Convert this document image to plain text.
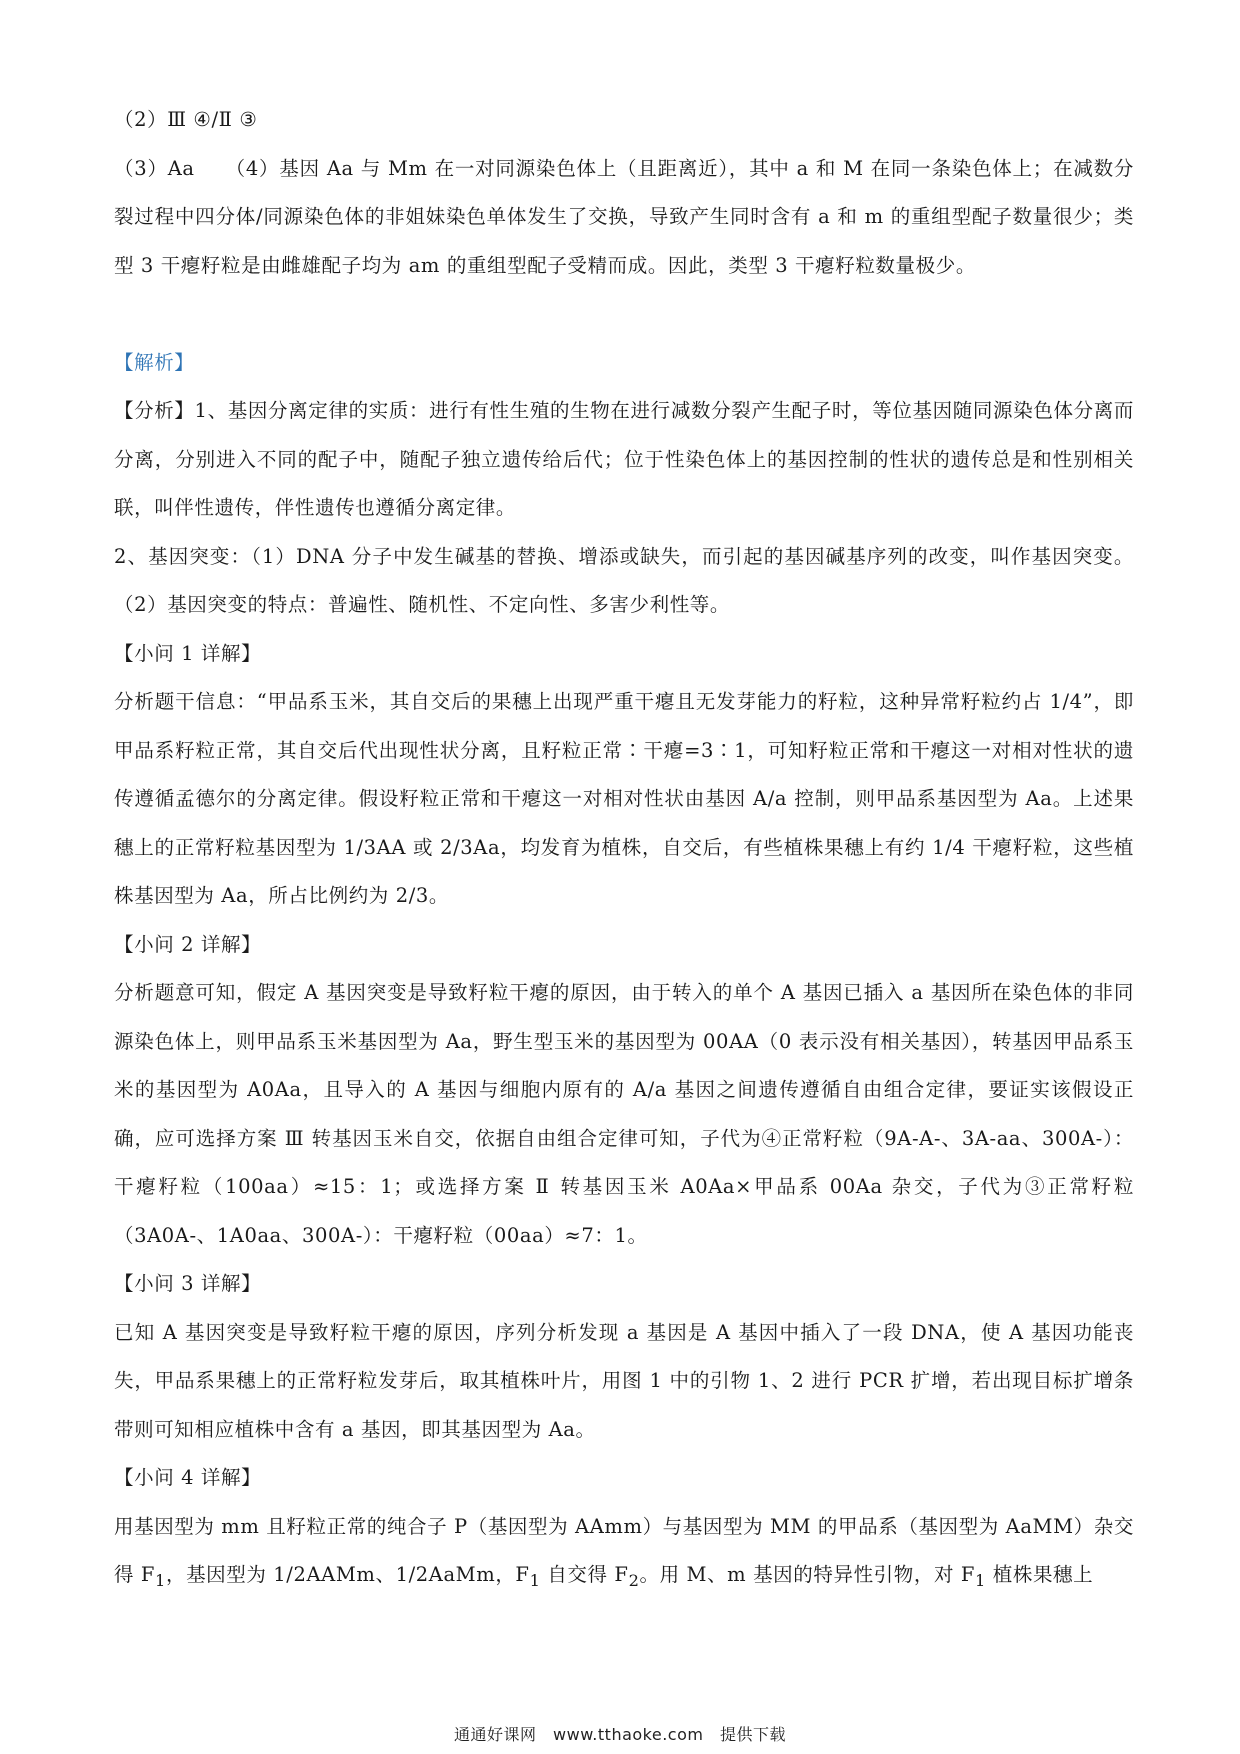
（2）Ⅲ ④/Ⅱ ③

（3）Aa　　（4）基因 Aa 与 Mm 在一对同源染色体上（且距离近），其中 a 和 M 在同一条染色体上；在减数分裂过程中四分体/同源染色体的非姐妹染色单体发生了交换，导致产生同时含有 a 和 m 的重组型配子数量很少；类型 3 干瘪籽粒是由雌雄配子均为 am 的重组型配子受精而成。因此，类型 3 干瘪籽粒数量极少。

【解析】

【分析】1、基因分离定律的实质：进行有性生殖的生物在进行减数分裂产生配子时，等位基因随同源染色体分离而分离，分别进入不同的配子中，随配子独立遗传给后代；位于性染色体上的基因控制的性状的遗传总是和性别相关联，叫伴性遗传，伴性遗传也遵循分离定律。

2、基因突变：（1）DNA 分子中发生碱基的替换、增添或缺失，而引起的基因碱基序列的改变，叫作基因突变。（2）基因突变的特点：普遍性、随机性、不定向性、多害少利性等。

【小问 1 详解】

分析题干信息：“甲品系玉米，其自交后的果穗上出现严重干瘪且无发芽能力的籽粒，这种异常籽粒约占 1/4”，即甲品系籽粒正常，其自交后代出现性状分离，且籽粒正常∶干瘪=3∶1，可知籽粒正常和干瘪这一对相对性状的遗传遵循孟德尔的分离定律。假设籽粒正常和干瘪这一对相对性状由基因 A/a 控制，则甲品系基因型为 Aa。上述果穗上的正常籽粒基因型为 1/3AA 或 2/3Aa，均发育为植株，自交后，有些植株果穗上有约 1/4 干瘪籽粒，这些植株基因型为 Aa，所占比例约为 2/3。

【小问 2 详解】

分析题意可知，假定 A 基因突变是导致籽粒干瘪的原因，由于转入的单个 A 基因已插入 a 基因所在染色体的非同源染色体上，则甲品系玉米基因型为 Aa，野生型玉米的基因型为 00AA（0 表示没有相关基因），转基因甲品系玉米的基因型为 A0Aa，且导入的 A 基因与细胞内原有的 A/a 基因之间遗传遵循自由组合定律，要证实该假设正确，应可选择方案 Ⅲ 转基因玉米自交，依据自由组合定律可知，子代为④正常籽粒（9A-A-、3A-aa、300A-）：干瘪籽粒（100aa）≈15：1；或选择方案 Ⅱ 转基因玉米 A0Aa×甲品系 00Aa 杂交，子代为③正常籽粒（3A0A-、1A0aa、300A-）：干瘪籽粒（00aa）≈7：1。

【小问 3 详解】

已知 A 基因突变是导致籽粒干瘪的原因，序列分析发现 a 基因是 A 基因中插入了一段 DNA，使 A 基因功能丧失，甲品系果穗上的正常籽粒发芽后，取其植株叶片，用图 1 中的引物 1、2 进行 PCR 扩增，若出现目标扩增条带则可知相应植株中含有 a 基因，即其基因型为 Aa。

【小问 4 详解】

用基因型为 mm 且籽粒正常的纯合子 P（基因型为 AAmm）与基因型为 MM 的甲品系（基因型为 AaMM）杂交得 $F_1$，基因型为 1/2AAMm、1/2AaMm，$F_1$ 自交得 $F_2$。用 M、m 基因的特异性引物，对 $F_1$ 植株果穗上

通通好课网　www.tthaoke.com　提供下载
